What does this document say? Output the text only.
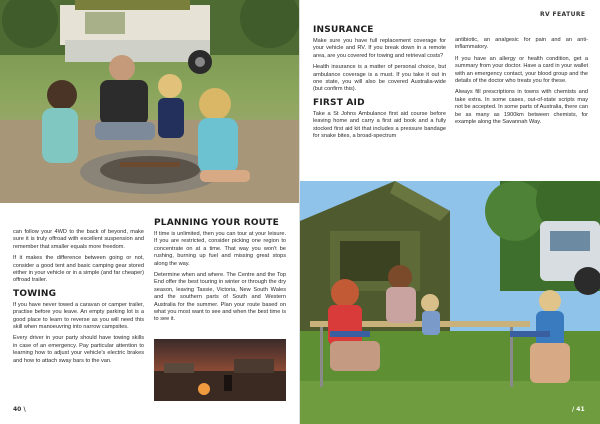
can follow your 4WD to the back of beyond, make sure it is truly offroad with excellent suspension and remember that smaller equals more freedom.

If it makes the difference between going or not, consider a good tent and basic camping gear stored either in your vehicle or in a simple (and far cheaper) offroad trailer.

TOWING

If you have never towed a caravan or camper trailer, practise before you leave. An empty parking lot is a good place to learn to reverse as you will need this skill when manoeuvring into narrow campsites.

Every driver in your party should have towing skills in case of an emergency. Pay particular attention to learning how to adjust your vehicle's electric brakes and how to attach sway bars to the van.

PLANNING YOUR ROUTE

If time is unlimited, then you can tour at your leisure. If you are restricted, consider picking one region to concentrate on at a time. That way you won't be rushing, burning up fuel and missing great stops along the way.

Determine when and where. The Centre and the Top End offer the best touring in winter or through the dry season, leaving Tassie, Victoria, New South Wales and the southern parts of South and Western Australia for the summer. Plan your route based on what you most want to see and when the best time is to see it.

40 \
INSURANCE

Make sure you have full replacement coverage for your vehicle and RV. If you break down in a remote area, are you covered for towing and retrieval costs?

Health insurance is a matter of personal choice, but ambulance coverage is a must. If you take it out in one state, you will also be covered Australia-wide (but confirm this).

FIRST AID

Take a St Johns Ambulance first aid course before leaving home and carry a first aid book and a fully stocked first aid kit that includes a pressure bandage for snake bites, a broad-spectrum

antibiotic, an analgesic for pain and an anti-inflammatory.

If you have an allergy or health condition, get a summary from your doctor. Have a card in your wallet with an emergency contact, your blood group and the details of the doctor who treats you for these.

Always fill prescriptions in towns with chemists and take extra. In some cases, out-of-state scripts may not be accepted. In some parts of Australia, there can be as many as 1900km between chemists, for example along the Savannah Way.

/ 41
RV FEATURE
